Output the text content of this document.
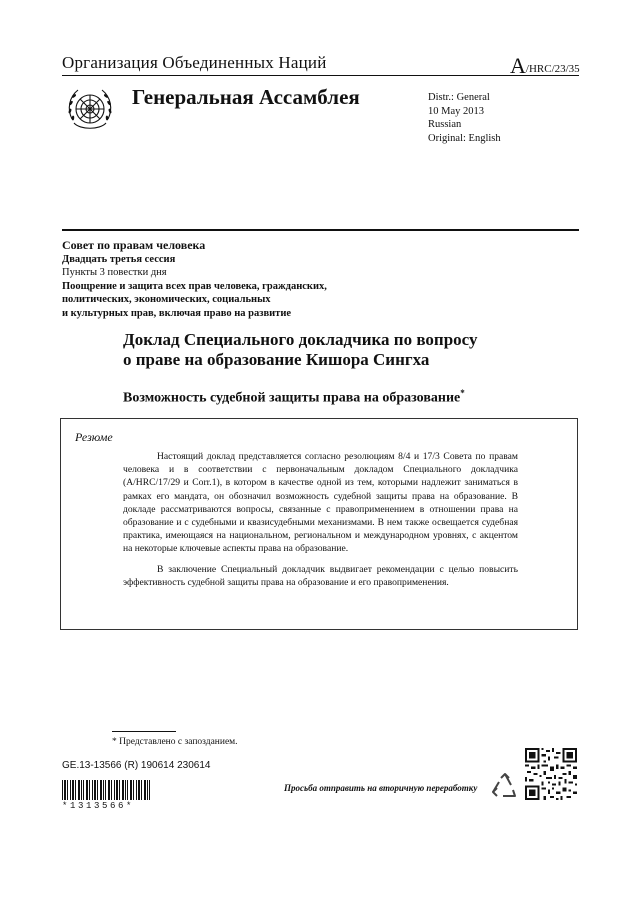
Организация Объединенных Наций	A/HRC/23/35
Генеральная Ассамблея	Distr.: General
10 May 2013
Russian
Original: English
Совет по правам человека
Двадцать третья сессия
Пункты 3 повестки дня
Поощрение и защита всех прав человека, гражданских,
политических, экономических, социальных
и культурных прав, включая право на развитие
Доклад Специального докладчика по вопросу
о праве на образование Кишора Сингха
Возможность судебной защиты права на образование*
Резюме

Настоящий доклад представляется согласно резолюциям 8/4 и 17/3 Совета по правам человека и в соответствии с первоначальным докладом Специального докладчика (A/HRC/17/29 и Corr.1), в котором в качестве одной из тем, которыми надлежит заниматься в рамках его мандата, он обозначил возможность судебной защиты права на образование. В докладе рассматриваются вопросы, связанные с правоприменением в отношении права на образование и с судебными и квазисудебными механизмами. В нем также освещается судебная практика, имеющаяся на национальном, региональном и международном уровнях, с акцентом на некоторые ключевые аспекты права на образование.

В заключение Специальный докладчик выдвигает рекомендации с целью повысить эффективность судебной защиты права на образование и его правоприменения.

* Представлено с запозданием.
GE.13-13566 (R) 190614 230614
*1313566*
Просьба отправить на вторичную переработку
